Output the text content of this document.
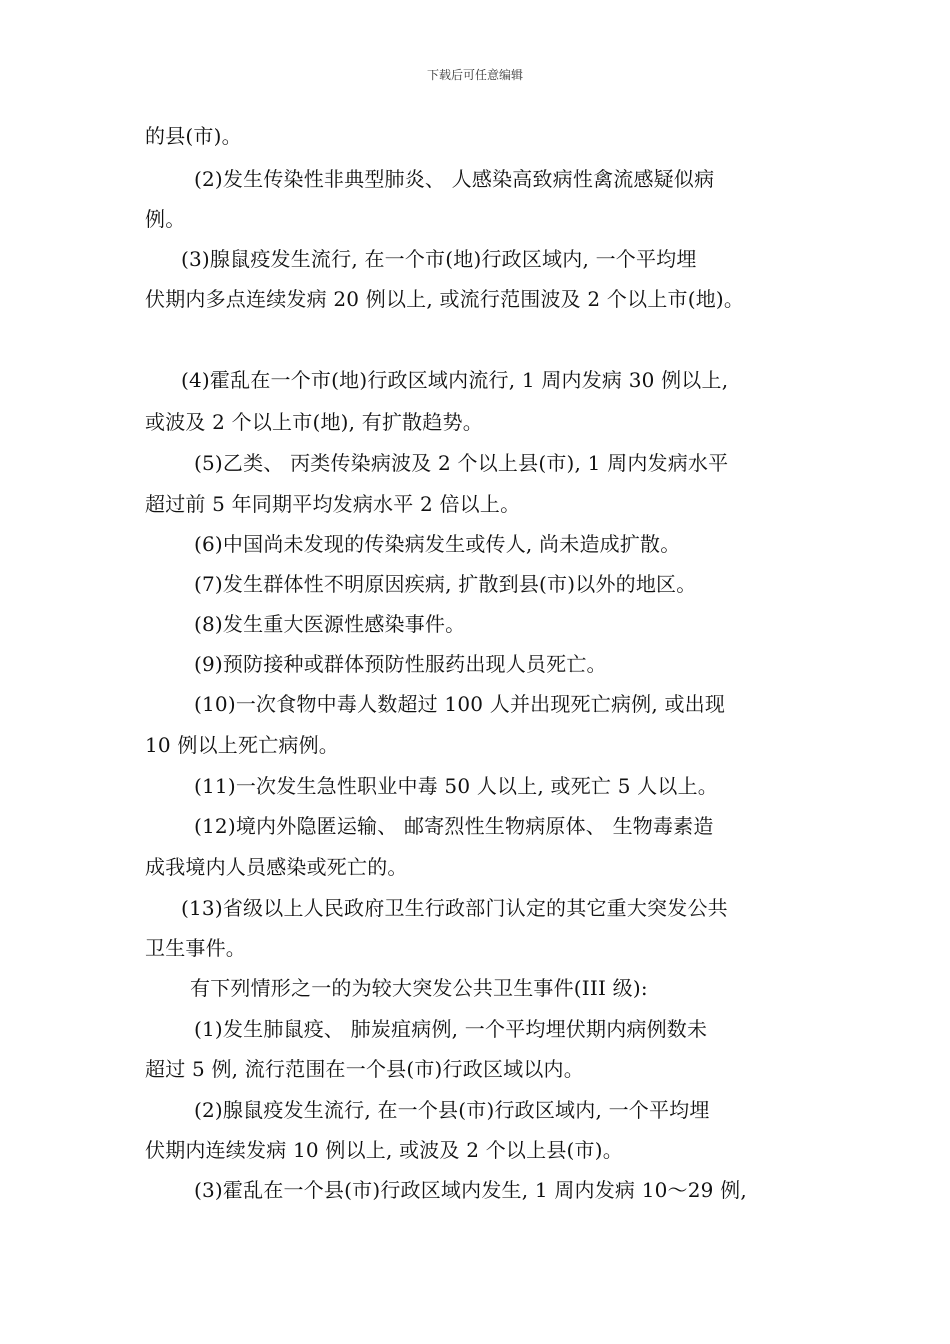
下载后可任意编辑
的县(市)。
(2)发生传染性非典型肺炎、 人感染高致病性禽流感疑似病
例。
(3)腺鼠疫发生流行, 在一个市(地)行政区域内, 一个平均埋
伏期内多点连续发病 20 例以上, 或流行范围波及 2 个以上市(地)。
(4)霍乱在一个市(地)行政区域内流行, 1 周内发病 30 例以上,
或波及 2 个以上市(地), 有扩散趋势。
(5)乙类、 丙类传染病波及 2 个以上县(市), 1 周内发病水平
超过前 5 年同期平均发病水平 2 倍以上。
(6)中国尚未发现的传染病发生或传人, 尚未造成扩散。
(7)发生群体性不明原因疾病, 扩散到县(市)以外的地区。
(8)发生重大医源性感染事件。
(9)预防接种或群体预防性服药出现人员死亡。
(10)一次食物中毒人数超过 100 人并出现死亡病例, 或出现
10 例以上死亡病例。
(11)一次发生急性职业中毒 50 人以上, 或死亡 5 人以上。
(12)境内外隐匿运输、 邮寄烈性生物病原体、 生物毒素造
成我境内人员感染或死亡的。
(13)省级以上人民政府卫生行政部门认定的其它重大突发公共
卫生事件。
有下列情形之一的为较大突发公共卫生事件(III 级):
(1)发生肺鼠疫、 肺炭疽病例, 一个平均埋伏期内病例数未
超过 5 例, 流行范围在一个县(市)行政区域以内。
(2)腺鼠疫发生流行, 在一个县(市)行政区域内, 一个平均埋
伏期内连续发病 10 例以上, 或波及 2 个以上县(市)。
(3)霍乱在一个县(市)行政区域内发生, 1 周内发病 10～29 例,
